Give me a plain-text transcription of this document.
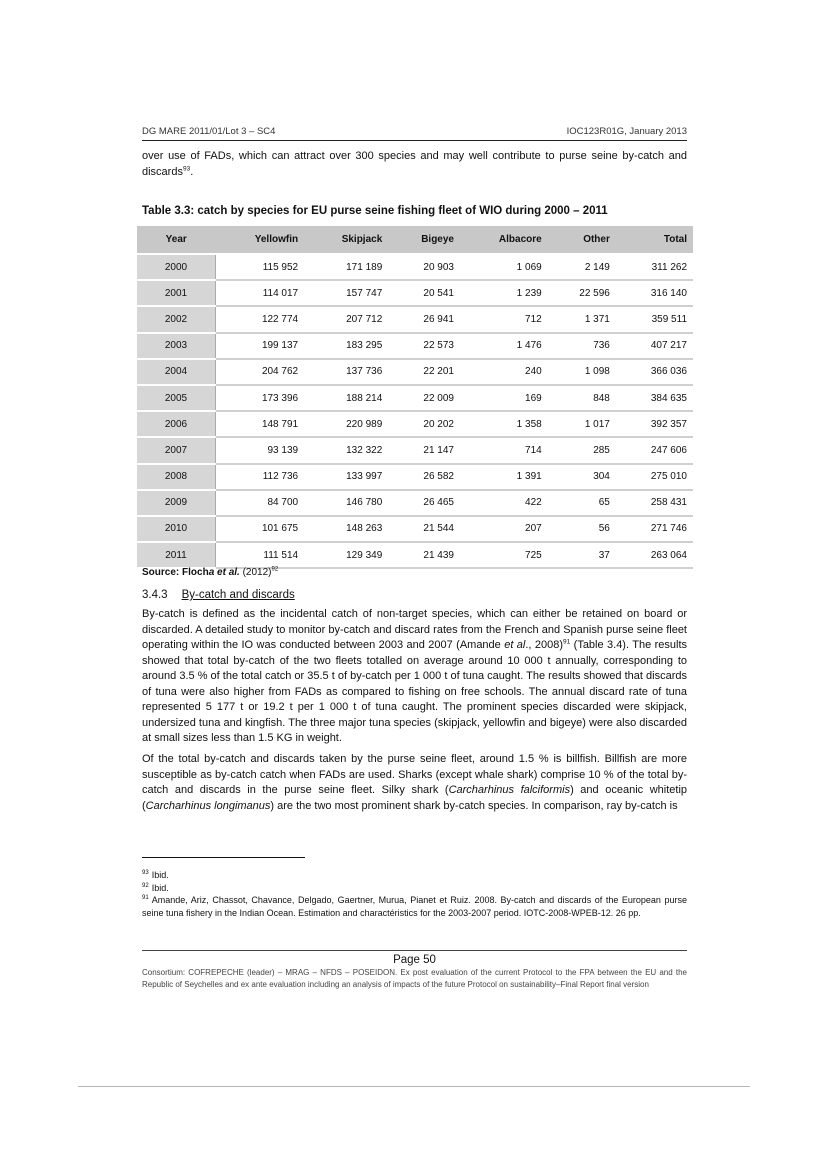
DG MARE 2011/01/Lot 3 – SC4	IOC123R01G, January 2013
over use of FADs, which can attract over 300 species and may well contribute to purse seine by-catch and discards$^{93}$.
Table 3.3: catch by species for EU purse seine fishing fleet of WIO during 2000 – 2011
Year	Yellowfin	Skipjack	Bigeye	Albacore	Other	Total
2000	115 952	171 189	20 903	1 069	2 149	311 262
2001	114 017	157 747	20 541	1 239	22 596	316 140
2002	122 774	207 712	26 941	712	1 371	359 511
2003	199 137	183 295	22 573	1 476	736	407 217
2004	204 762	137 736	22 201	240	1 098	366 036
2005	173 396	188 214	22 009	169	848	384 635
2006	148 791	220 989	20 202	1 358	1 017	392 357
2007	93 139	132 322	21 147	714	285	247 606
2008	112 736	133 997	26 582	1 391	304	275 010
2009	84 700	146 780	26 465	422	65	258 431
2010	101 675	148 263	21 544	207	56	271 746
2011	111 514	129 349	21 439	725	37	263 064
Source: Flocha et al. $(2012)^{92}$
3.4.3 By-catch and discards
By-catch is defined as the incidental catch of non-target species, which can either be retained on board or discarded. A detailed study to monitor by-catch and discard rates from the French and Spanish purse seine fleet operating within the IO was conducted between 2003 and 2007 (Amande et al., 2008)$^{91}$ (Table 3.4). The results showed that total by-catch of the two fleets totalled on average around 10 000 t annually, corresponding to around 3.5 % of the total catch or 35.5 t of by-catch per 1 000 t of tuna caught. The results showed that discards of tuna were also higher from FADs as compared to fishing on free schools. The annual discard rate of tuna represented 5 177 t or 19.2 t per 1 000 t of tuna caught. The prominent species discarded were skipjack, undersized tuna and kingfish. The three major tuna species (skipjack, yellowfin and bigeye) were also discarded at small sizes less than 1.5 KG in weight.
Of the total by-catch and discards taken by the purse seine fleet, around 1.5 % is billfish. Billfish are more susceptible as by-catch catch when FADs are used. Sharks (except whale shark) comprise 10 % of the total by-catch and discards in the purse seine fleet. Silky shark (Carcharhinus falciformis) and oceanic whitetip (Carcharhinus longimanus) are the two most prominent shark by-catch species. In comparison, ray by-catch is
$^{93}$ Ibid.
$^{92}$ Ibid.
$^{91}$ Amande, Ariz, Chassot, Chavance, Delgado, Gaertner, Murua, Pianet et Ruiz. 2008. By-catch and discards of the European purse seine tuna fishery in the Indian Ocean. Estimation and charactéristics for the 2003-2007 period. IOTC-2008-WPEB-12. 26 pp.
Page 50
Consortium: COFREPECHE (leader) – MRAG – NFDS – POSEIDON. Ex post evaluation of the current Protocol to the FPA between the EU and the Republic of Seychelles and ex ante evaluation including an analysis of impacts of the future Protocol on sustainability–Final Report final version
